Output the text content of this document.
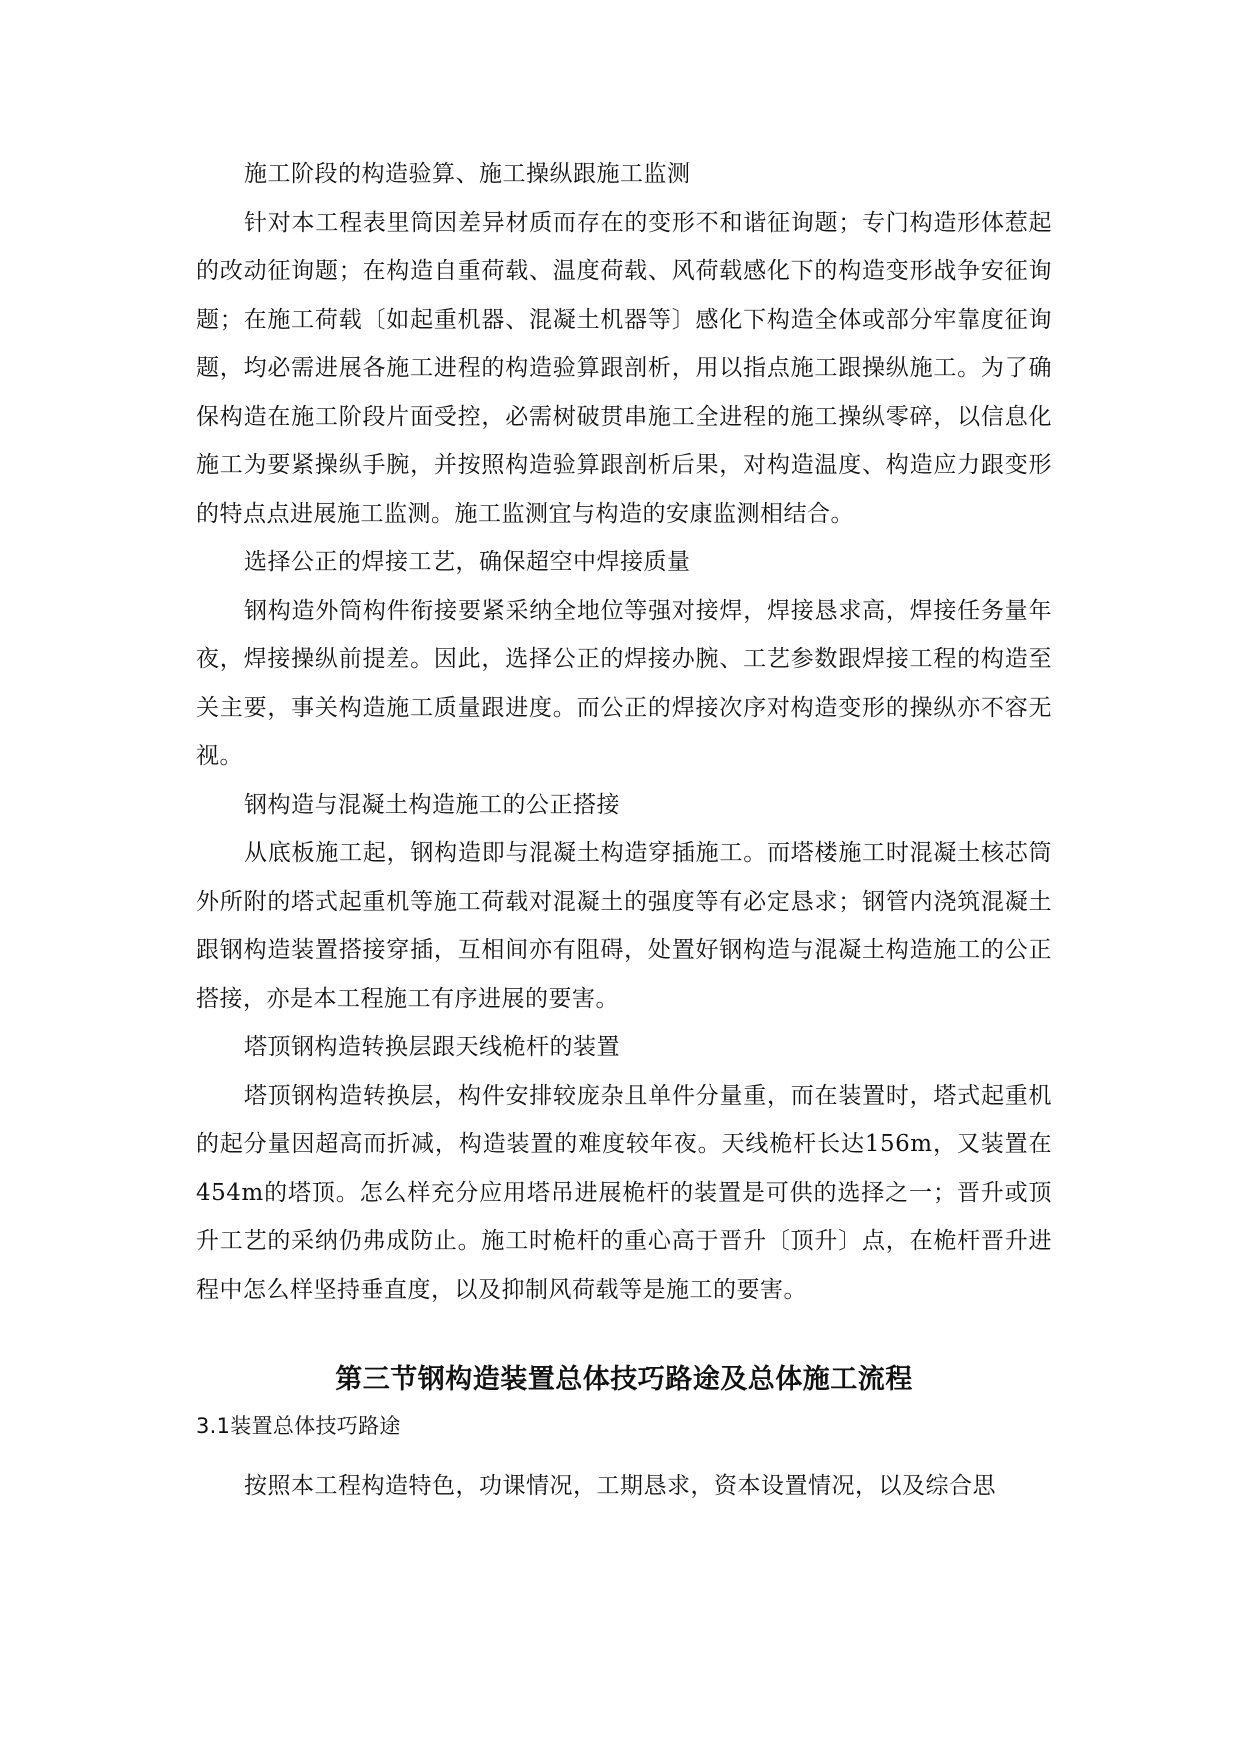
施工阶段的构造验算、施工操纵跟施工监测

针对本工程表里筒因差异材质而存在的变形不和谐征询题；专门构造形体惹起的改动征询题；在构造自重荷载、温度荷载、风荷载感化下的构造变形战争安征询题；在施工荷载〔如起重机器、混凝土机器等〕感化下构造全体或部分牢靠度征询题，均必需进展各施工进程的构造验算跟剖析，用以指点施工跟操纵施工。为了确保构造在施工阶段片面受控，必需树破贯串施工全进程的施工操纵零碎，以信息化施工为要紧操纵手腕，并按照构造验算跟剖析后果，对构造温度、构造应力跟变形的特点点进展施工监测。施工监测宜与构造的安康监测相结合。

选择公正的焊接工艺，确保超空中焊接质量

钢构造外筒构件衔接要紧采纳全地位等强对接焊，焊接恳求高，焊接任务量年夜，焊接操纵前提差。因此，选择公正的焊接办腕、工艺参数跟焊接工程的构造至关主要，事关构造施工质量跟进度。而公正的焊接次序对构造变形的操纵亦不容无视。

钢构造与混凝土构造施工的公正搭接

从底板施工起，钢构造即与混凝土构造穿插施工。而塔楼施工时混凝土核芯筒外所附的塔式起重机等施工荷载对混凝土的强度等有必定恳求；钢管内浇筑混凝土跟钢构造装置搭接穿插，互相间亦有阻碍，处置好钢构造与混凝土构造施工的公正搭接，亦是本工程施工有序进展的要害。

塔顶钢构造转换层跟天线桅杆的装置

塔顶钢构造转换层，构件安排较庞杂且单件分量重，而在装置时，塔式起重机的起分量因超高而折减，构造装置的难度较年夜。天线桅杆长达156m，又装置在454m的塔顶。怎么样充分应用塔吊进展桅杆的装置是可供的选择之一；晋升或顶升工艺的采纳仍弗成防止。施工时桅杆的重心高于晋升〔顶升〕点，在桅杆晋升进程中怎么样坚持垂直度，以及抑制风荷载等是施工的要害。

第三节钢构造装置总体技巧路途及总体施工流程
3.1装置总体技巧路途

按照本工程构造特色，功课情况，工期恳求，资本设置情况，以及综合思
